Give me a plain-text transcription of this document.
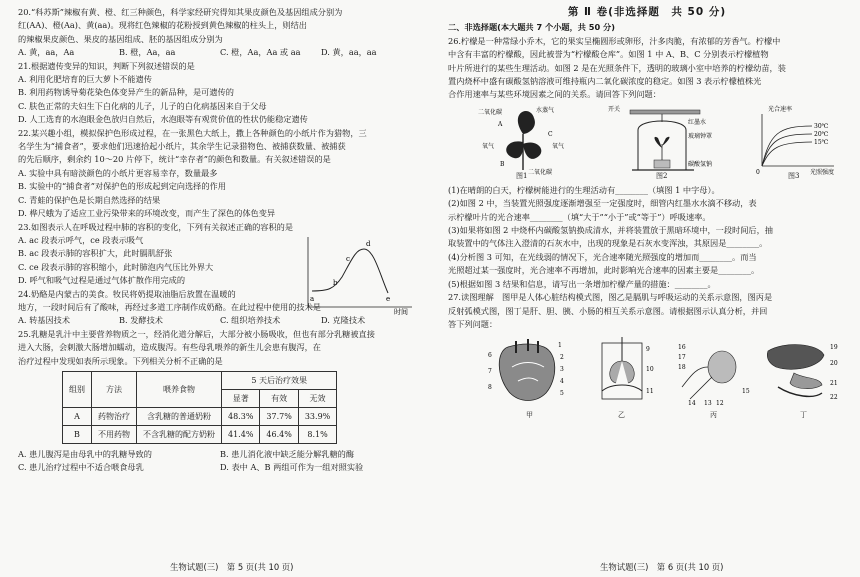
20.“科苏斯”辣椒有黄、橙、红三种颜色，科学家经研究得知其果皮颜色及基因组成分别为

红(AA)、橙(Aa)、黄(aa)。现将红色辣椒的花粉授到黄色辣椒的柱头上，则结出

的辣椒果皮颜色、果皮的基因组成、胚的基因组成分别为

A. 黄，aa，Aa	B. 橙，Aa，aa	C. 橙，Aa，Aa 或 aa	D. 黄，aa，aa

21.根据遗传变异的知识，判断下列叙述错误的是

A. 利用化肥培育的巨大萝卜不能遗传

B. 利用药物诱导菊花染色体变异产生的新品种，是可遗传的

C. 肤色正常的夫妇生下白化病的儿子，儿子的白化病基因来自于父母

D. 人工选育的水泡眼金色放归自然后，水泡眼等有观赏价值的性状仍能稳定遗传

22.某兴趣小组，模拟保护色形成过程，在一张黑色大纸上，撒上各种颜色的小纸片作为猎物，三

名学生为“捕食者”，要求他们迅速拾起小纸片，其余学生记录猎物色、被捕获数量、被捕获

的先后顺序，剩余约 10～20 片停下，统计“幸存者”的颜色和数量。有关叙述错误的是

A. 实验中具有暗淡颜色的小纸片更容易幸存，数量最多

B. 实验中的“捕食者”对保护色的形成起到定向选择的作用

C. 青蛙的保护色是长期自然选择的结果

D. 桦尺蛾为了适应工业污染带来的环境改变，而产生了深色的体色变异

23.如图表示人在呼吸过程中肺的容积的变化，下列有关叙述正确的容积的是

A. ac 段表示呼气，ce 段表示吸气

B. ac 段表示肺的容积扩大，此时膈肌舒张

C. ce 段表示肺的容积缩小，此时肺泡内气压比外界大

D. 呼气和吸气过程是通过气体扩散作用完成的

a
b
c
d
e
时间

24.奶酪是内蒙古的美食。牧民将奶提取油脂后放置在温暖的

地方，一段时间后有了酸味，再经过多道工序制作成奶酪。在此过程中使用的技术是

A. 转基因技术	B. 发酵技术	C. 组织培养技术	D. 克隆技术

25.乳糖是乳汁中主要营养物质之一，经消化道分解后，大部分被小肠吸收，但也有部分乳糖被直接

进入大肠，会刺激大肠增加蠕动，造成腹泻。有些母乳喂养的新生儿会患有腹泻，在

治疗过程中发现如表所示现象。下列相关分析不正确的是

组别	方法	喂养食物	5 天后治疗效果		
			显著	有效	无效
A	药物治疗	含乳糖的普通奶粉	48.3%	37.7%	33.9%
B	不用药物	不含乳糖的配方奶粉	41.4%	46.4%	8.1%
A. 患儿腹泻是由母乳中的乳糖导致的	B. 患儿消化液中缺乏能分解乳糖的酶
C. 患儿治疗过程中不适合喂食母乳	D. 表中 A、B 两组可作为一组对照实验
生物试题(三)　第 5 页(共 10 页)

第 Ⅱ 卷(非选择题　共 50 分)

二、非选择题(本大题共 7 个小题，共 50 分)

26.柠檬是一种常绿小乔木，它的果实呈椭圆形或卵形，汁多肉脆，有浓郁的芳香气。柠檬中

中含有丰富的柠檬酸，因此被誉为“柠檬酸仓库”。如图 1 中 A、B、C 分别表示柠檬植物

叶片所进行的某些生理活动。如图 2 是在光照条件下，透明的玻璃小室中培养的柠檬幼苗，装

置内烧杯中盛有碳酸氢钠溶液可维持瓶内二氧化碳浓度的稳定。如图 3 表示柠檬植株光

合作用速率与某些环境因素之间的关系。请回答下列问题：

二氧化碳	水蒸气
A
氧气
B
C
氧气
二氧化碳
图1
开关
红墨水
玻璃钟罩
碳酸氢钠
图2
光合速率
30℃
20℃
15℃
光照强度
0	图3

(1)在晴朗的白天，柠檬树能进行的生理活动有________（填图 1 中字母）。

(2)如图 2 中，当装置光照强度逐渐增强至一定强度时，细管内红墨水水滴不移动，表

示柠檬叶片的光合速率________（填“大于”“小于”或“等于”）呼吸速率。

(3)如果将如图 2 中烧杯内碳酸氢钠换成清水，并将装置放于黑暗环境中，一段时间后，抽

取装置中的气体注入澄清的石灰水中，出现的现象是石灰水变浑浊，其原因是________。

(4)分析图 3 可知，在光线弱的情况下，光合速率随光照强度的增加而________。而当

光照超过某一强度时，光合速率不再增加，此时影响光合速率的因素主要是________。

(5)根据如图 3 结果和信息，请写出一条增加柠檬产量的措施：________。

27.读图理解　图甲是人体心脏结构模式图，图乙是膈肌与呼吸运动的关系示意图，图丙是

反射弧模式图，图丁是肝、胆、胰、小肠的相互关系示意图。请根据图示认真分析，并回

答下列问题：

1
2
3
4
5
6
7
8
甲
9
10
11
乙
16
17
18
14 13 12
15
丙
19
20
21
22
丁
生物试题(三)　第 6 页(共 10 页)
